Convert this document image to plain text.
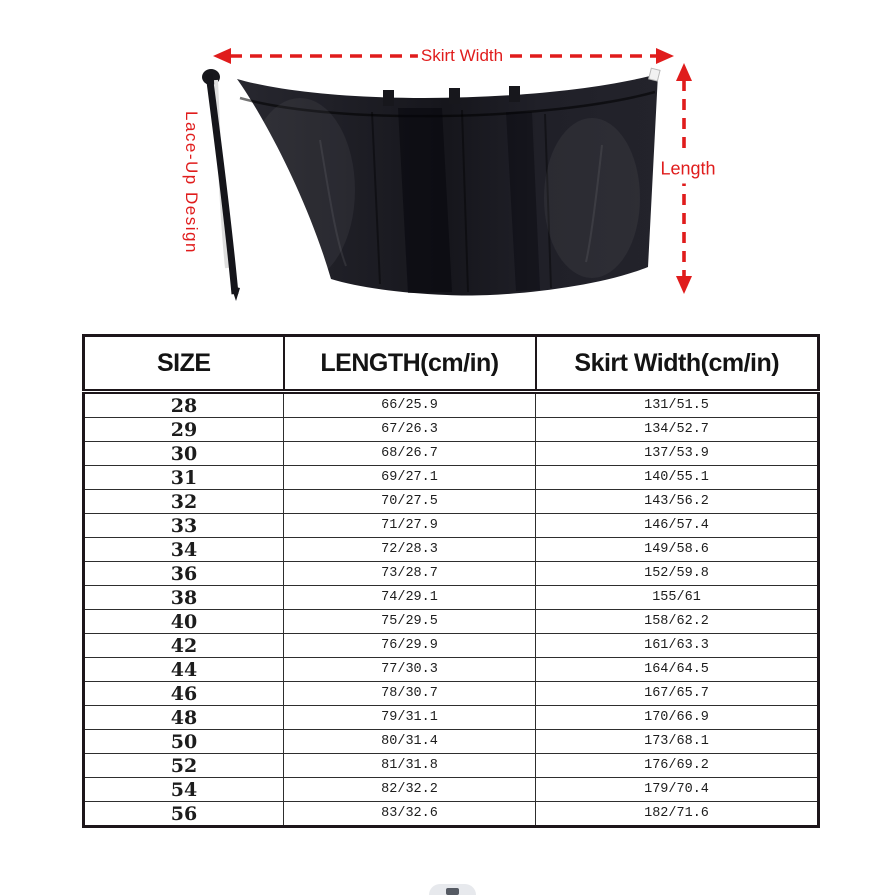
Skirt Width
Length
Lace-Up Design
SIZE	LENGTH(cm/in)	Skirt Width(cm/in)
28	66/25.9	131/51.5
29	67/26.3	134/52.7
30	68/26.7	137/53.9
31	69/27.1	140/55.1
32	70/27.5	143/56.2
33	71/27.9	146/57.4
34	72/28.3	149/58.6
36	73/28.7	152/59.8
38	74/29.1	155/61
40	75/29.5	158/62.2
42	76/29.9	161/63.3
44	77/30.3	164/64.5
46	78/30.7	167/65.7
48	79/31.1	170/66.9
50	80/31.4	173/68.1
52	81/31.8	176/69.2
54	82/32.2	179/70.4
56	83/32.6	182/71.6
